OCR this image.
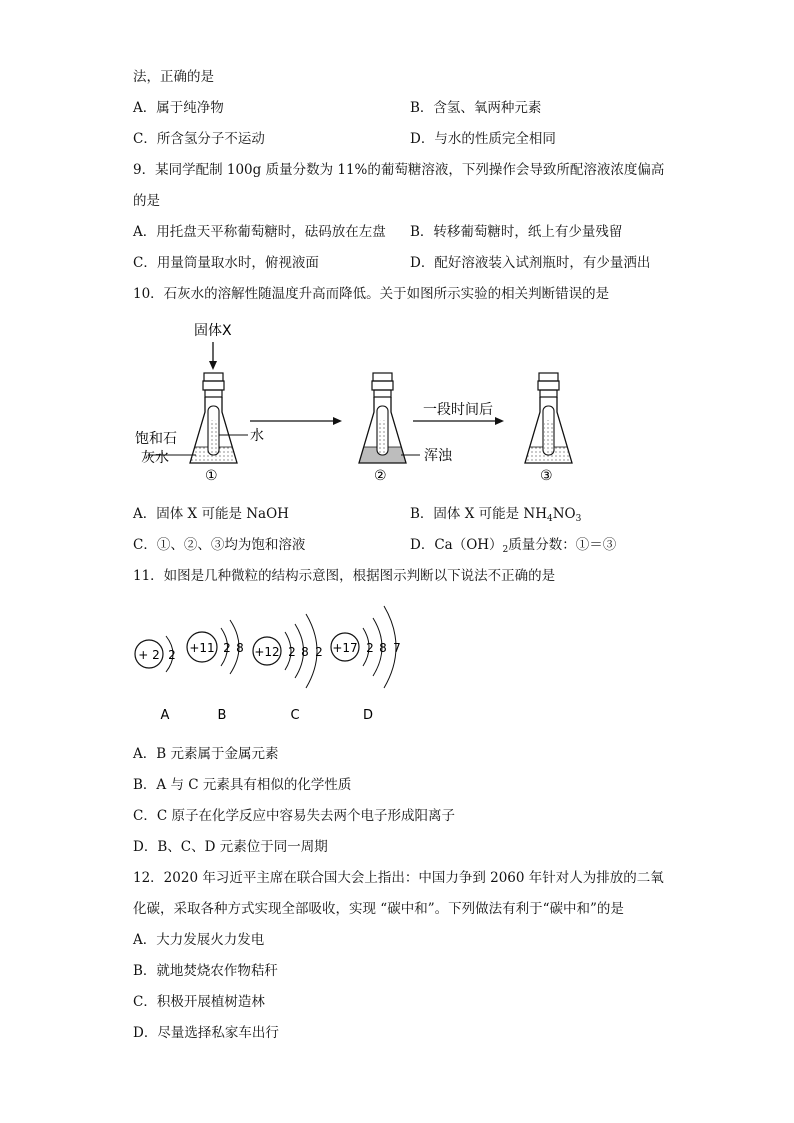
法，正确的是
A．属于纯净物	B．含氢、氧两种元素
C．所含氢分子不运动	D．与水的性质完全相同
9．某同学配制 100g 质量分数为 11%的葡萄糖溶液，下列操作会导致所配溶液浓度偏高
的是
A．用托盘天平称葡萄糖时，砝码放在左盘 B．转移葡萄糖时，纸上有少量残留
C．用量筒量取水时，俯视液面	D．配好溶液装入试剂瓶时，有少量洒出
10．石灰水的溶解性随温度升高而降低。关于如图所示实验的相关判断错误的是
固体X
水
饱和石
灰水
①
浑浊
②
一段时间后
③
A．固体 X 可能是 NaOH	B．固体 X 可能是 $NH_4NO_3$
C．①、②、③均为饱和溶液	D．$Ca(OH)_2$质量分数：①＝③
11．如图是几种微粒的结构示意图，根据图示判断以下说法不正确的是
+ 2 2 +11 2 8 +12 2 8 2 +17 2 8 7
A	B	C	D
A．B 元素属于金属元素
B．A 与 C 元素具有相似的化学性质
C．C 原子在化学反应中容易失去两个电子形成阳离子
D．B、C、D 元素位于同一周期
12．2020 年习近平主席在联合国大会上指出：中国力争到 2060 年针对人为排放的二氧
化碳，采取各种方式实现全部吸收，实现 “碳中和”。下列做法有利于“碳中和”的是
A．大力发展火力发电
B．就地焚烧农作物秸秆
C．积极开展植树造林
D．尽量选择私家车出行
